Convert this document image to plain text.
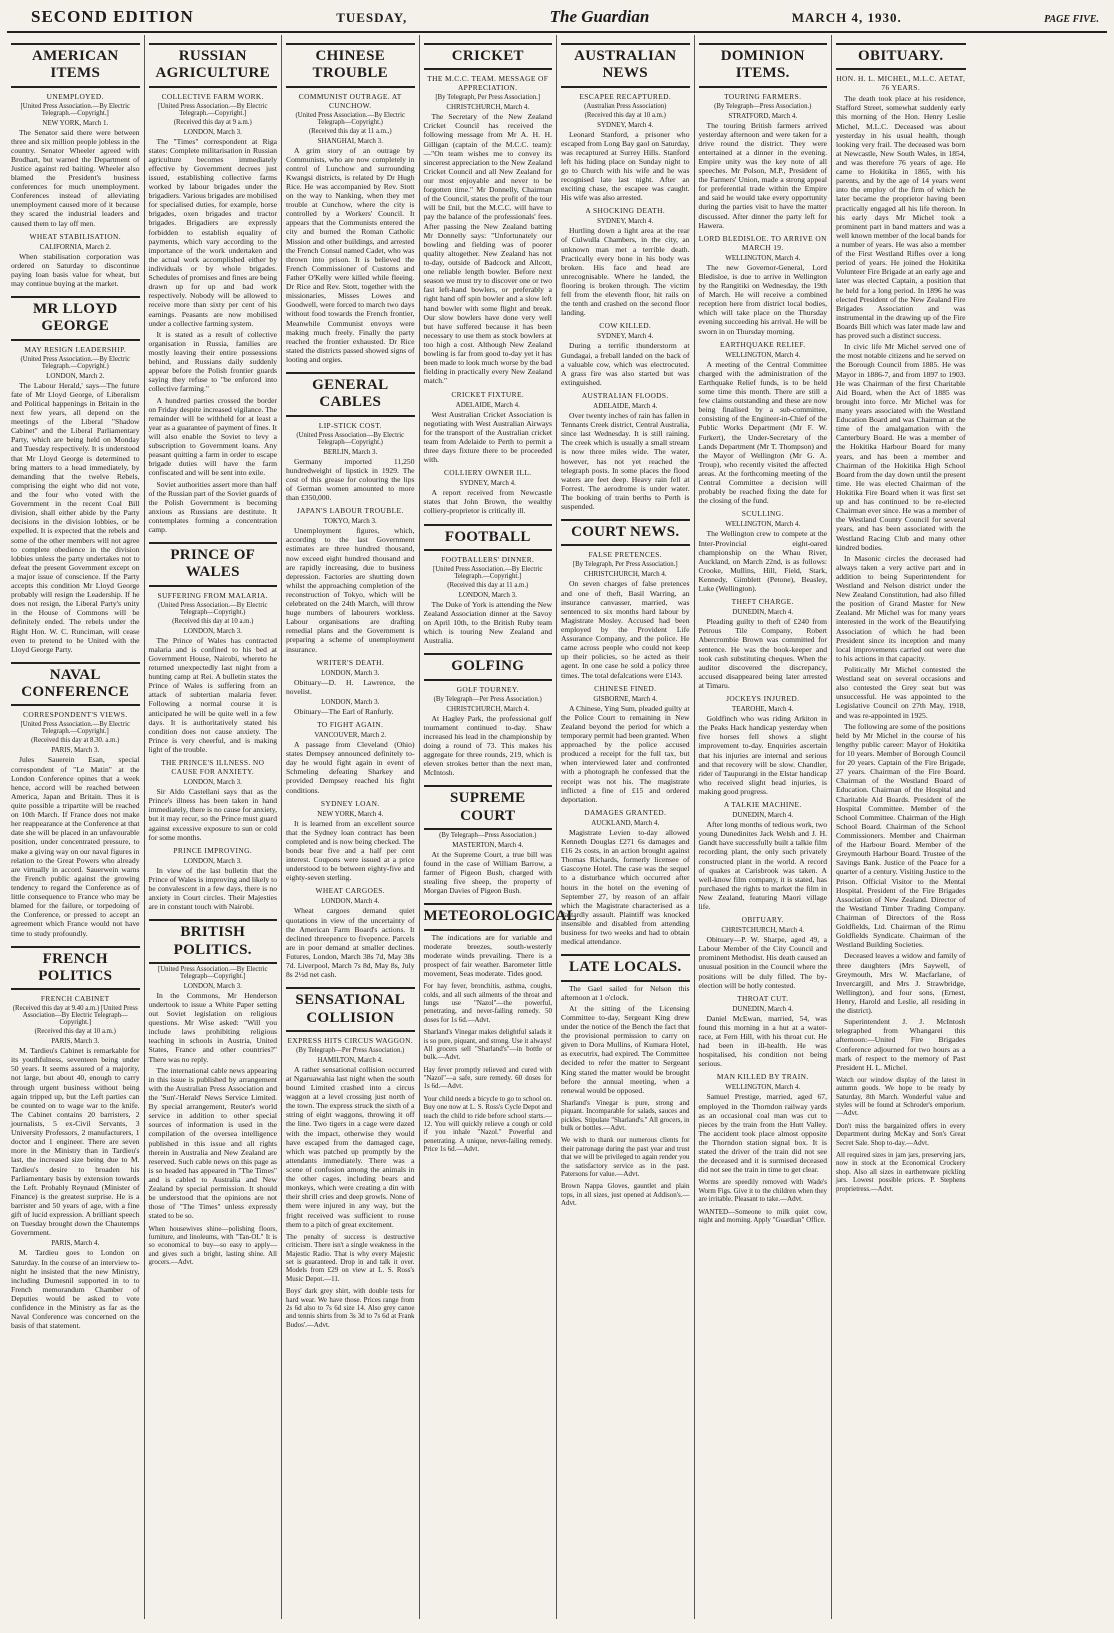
SECOND EDITION	TUESDAY,	The Guardian	MARCH 4, 1930.	PAGE FIVE.
AMERICAN ITEMS
UNEMPLOYED.
[United Press Association.—By Electric Telegraph.—Copyright.]
NEW YORK, March 1.

The Senator said there were between three and six million people jobless in the country. Senator Wheeler agreed with Brodhart, but warned the Department of Justice against red baiting. Wheeler also blamed the President's business conferences for much unemployment. Conferences instead of alleviating unemployment caused more of it because they scared the industrial leaders and caused them to lay off men.

WHEAT STABILISATION.
CALIFORNIA, March 2.

When stabilisation corporation was ordered on Saturday to discontinue paying loan basis value for wheat, but may continue buying at the market.

MR LLOYD GEORGE
MAY RESIGN LEADERSHIP.
(United Press Association.—By Electric Telegraph.—Copyright.)
LONDON, March 2.

The Labour Herald,' says—The future fate of Mr Lloyd George, of Liberalism and Political happenings in Britain in the next few years, all depend on the meetings of the Liberal "Shadow Cabinet" and the Liberal Parliamentary Party, which are being held on Monday and Tuesday respectively. It is understood that Mr Lloyd George is determined to bring matters to a head immediately, by demanding that the twelve Rebels, comprising the eight who did not vote, and the four who voted with the Government in the recent Coal Bill division, shall either abide by the Party decisions in the division lobbies, or be expelled. It is expected that the rebels and some of the other members will not agree to complete obedience in the division lobbies unless the party undertakes not to defeat the present Government except on a major issue of conscience. If the Party accepts this condition Mr Lloyd George probably will resign the Leadership. If he does not resign, the Liberal Party's unity in the House of Commons will be definitely ended. The rebels under the Right Hon. W. C. Runciman, will cease even to pretend to be United with the Lloyd George Party.

NAVAL CONFERENCE
CORRESPONDENT'S VIEWS.
[United Press Association.—By Electric Telegraph.—Copyright.]
(Received this day at 8.30. a.m.)
PARIS, March 3.

Jules Sauerein Esan, special correspondent of "Le Matin" at the London Conference opines that a week hence, accord will be reached between America, Japan and Britain. Thus it is quite possible a tripartite will be reached on 10th March. If France does not make her reappearance at the Conference at that date she will be placed in an unfavourable position, under concentrated pressure, to make a giving way on our naval figures in relation to the Great Powers who already are virtually in accord. Sauerwein warns the French public against the growing tendency to regard the Conference as of little consequence to France who may be blamed for the failure, or torpedoing of the Conference, or pressed to accept an agreement which France would not have time to study profoundly.

FRENCH POLITICS
FRENCH CABINET
(Received this day at 9.40 a.m.) [United Press Association—By Electric Telegraph—Copyright.]
(Received this day at 10 a.m.)
PARIS, March 3.

M. Tardieu's Cabinet is remarkable for its youthfulness, seventeen being under 50 years. It seems assured of a majority, not large, but about 40, enough to carry through urgent business without being again tripped up, but the Left parties can be counted on to wage war to the knife. The Cabinet contains 20 barristers, 2 journalists, 5 ex-Civil Servants, 3 University Professors, 2 manufacturers, 1 doctor and 1 engineer. There are seven more in the Ministry than in Tardieu's last, the increased size being due to M. Tardieu's desire to broaden his Parliamentary basis by extension towards the Left. Probably Reynaud (Minister of Finance) is the greatest surprise. He is a barrister and 50 years of age, with a fine gift of lucid expression. A brilliant speech on Tuesday brought down the Chautemps Government.

PARIS, March 4.

M. Tardieu goes to London on Saturday. In the course of an interview to-night he insisted that the new Ministry, including Dumesnil supported in to to French memorandum Chamber of Deputies would be asked to vote confidence in the Ministry as far as the Naval Conference was concerned on the basis of that statement.

RUSSIAN AGRICULTURE
COLLECTIVE FARM WORK.
[United Press Association.—By Electric Telegraph.—Copyright.]
(Received this day at 9 a.m.)
LONDON, March 3.

The "Times" correspondent at Riga states: Complete militarisation in Russian agriculture becomes immediately effective by Government decrees just issued, establishing collective farms worked by labour brigades under the brigadiers. Various brigades are mobilised for specialised duties, for example, horse brigades, oxen brigades and tractor brigades. Brigadiers are expressly forbidden to establish equality of payments, which vary according to the importance of the work undertaken and the actual work accomplished either by individuals or by whole brigades. Schedules of promises and fines are being drawn up for up and bad work respectively. Nobody will be allowed to receive more than sixty per cent of his earnings. Peasants are now mobilised under a collective farming system.

It is stated as a result of collective organisation in Russia, families are mostly leaving their entire possessions behind, and Russians daily suddenly appear before the Polish frontier guards saying they refuse to "be enforced into collective farming."

A hundred parties crossed the border on Friday despite increased vigilance. The remainder will be withheld for at least a year as a guarantee of payment of fines. It will also enable the Soviet to levy a subscription to Government loans. Any peasant quitting a farm in order to escape brigade duties will have the farm confiscated and will be sent into exile.

Soviet authorities assert more than half of the Russian part of the Soviet guards of the Polish Government is becoming anxious as Russians are destitute. It contemplates forming a concentration camp.

PRINCE OF WALES
SUFFERING FROM MALARIA.
(United Press Association.—By Electric Telegraph—Copyright.)
(Received this day at 10 a.m.)
LONDON, March 3.

The Prince of Wales has contracted malaria and is confined to his bed at Government House, Nairobi, whereto he returned unexpectedly last night from a hunting camp at Rei. A bulletin states the Prince of Wales is suffering from an attack of subtertian malaria fever. Following a normal course it is anticipated he will be quite well in a few days. It is authoritatively stated his condition does not cause anxiety. The Prince is very cheerful, and is making light of the trouble.

THE PRINCE'S ILLNESS. NO CAUSE FOR ANXIETY.
LONDON, March 3.

Sir Aldo Castellani says that as the Prince's illness has been taken in hand immediately, there is no cause for anxiety, but it may recur, so the Prince must guard against excessive exposure to sun or cold for some months.

PRINCE IMPROVING.
LONDON, March 3.

In view of the last bulletin that the Prince of Wales is improving and likely to be convalescent in a few days, there is no anxiety in Court circles. Their Majesties are in constant touch with Nairobi.

BRITISH POLITICS.
[United Press Association.—By Electric Telegraph—Copyright.]
LONDON, March 3.

In the Commons, Mr Henderson undertook to issue a White Paper setting out Soviet legislation on religious questions. Mr Wise asked: "Will you include laws prohibiting religious teaching in schools in Austria, United States, France and other countries?" There was no reply.

The international cable news appearing in this issue is published by arrangement with the Australian Press Association and the 'Sun'-'Herald' News Service Limited. By special arrangement, Reuter's world service in addition to other special sources of information is used in the compilation of the oversea intelligence published in this issue and all rights therein in Australia and New Zealand are reserved. Such cable news on this page as is so headed has appeared in "The Times" and is cabled to Australia and New Zealand by special permission. It should be understood that the opinions are not those of "The Times" unless expressly stated to be so.

When housewives shine—polishing floors, furniture, and linoleums, with "Tan-OL" It is so economical to buy—so easy to apply—and gives such a bright, lasting shine. All grocers.—Advt.

CHINESE TROUBLE
COMMUNIST OUTRAGE. AT CUNCHOW.
(United Press Association.—By Electric Telegraph—Copyright.)
(Received this day at 11 a.m.,)
SHANGHAI, March 3.

A grim story of an outrage by Communists, who are now completely in control of Lunchow and surrounding Kwangsi districts, is related by Dr Hugh Rice. He was accompanied by Rev. Stott on the way to Nanking, when they met trouble at Cunchow, where the city is controlled by a Workers' Council. It appears that the Communists entered the city and burned the Roman Catholic Mission and other buildings, and arrested the French Consul named Cadet, who was thrown into prison. It is believed the French Commissioner of Customs and Father O'Kelly were killed while fleeing. Dr Rice and Rev. Stott, together with the missionaries, Misses Lowes and Goodwell, were forced to march two days without food towards the French frontier, Meanwhile Communist envoys were making much freely. Finally the party reached the frontier exhausted. Dr Rice stated the districts passed showed signs of looting and orgies.

GENERAL CABLES
LIP-STICK COST.
(United Press Association—By Electric Telegraph—Copyright.)
BERLIN, March 3.

Germany imported 11,250 hundredweight of lipstick in 1929. The cost of this grease for colouring the lips of German women amounted to more than £350,000.

JAPAN'S LABOUR TROUBLE.
TOKYO, March 3.

Unemployment figures, which, according to the last Government estimates are three hundred thousand, now exceed eight hundred thousand and are rapidly increasing, due to business depression. Factories are shutting down whilst the approaching completion of the reconstruction of Tokyo, which will be celebrated on the 24th March, will throw huge numbers of labourers workless. Labour organisations are drafting remedial plans and the Government is preparing a scheme of unemployment insurance.

WRITER'S DEATH.
LONDON, March 3.

Obituary—D. H. Lawrence, the novelist.

LONDON, March 3.

Obituary—The Earl of Ranfurly.

TO FIGHT AGAIN.
VANCOUVER, March 2.

A passage from Cleveland (Ohio) states Dempsey announced definitely to-day he would fight again in event of Schmeling defeating Sharkey and provided Dempsey reached his fight conditions.

SYDNEY LOAN.
NEW YORK, March 4.

It is learned from an excellent source that the Sydney loan contract has been completed and is now being checked. The bonds bear five and a half per cent interest. Coupons were issued at a price understood to be between eighty-five and eighty-seven sterling.

WHEAT CARGOES.
LONDON, March 4.

Wheat cargoes demand quiet quotations in view of the uncertainty of the American Farm Board's actions. It declined threepence to fivepence. Parcels are in poor demand at smaller declines. Futures, London, March 38s 7d, May 38s 7d. Liverpool, March 7s 8d, May 8s, July 8s 2½d net cash.

SENSATIONAL COLLISION
EXPRESS HITS CIRCUS WAGGON.
(By Telegraph—Per Press Association.)
HAMILTON, March 4.

A rather sensational collision occurred at Ngaruawahia last night when the south bound Limited crashed into a circus waggon at a level crossing just north of the town. The express struck the sixth of a string of eight waggons, throwing it off the line. Two tigers in a cage were dazed with the impact, otherwise they would have escaped from the damaged cage, which was patched up promptly by the attendants immediately. There was a scene of confusion among the animals in the other cages, including bears and monkeys, which were creating a din with their shrill cries and deep growls. None of them were injured in any way, but the fright received was sufficient to rouse them to a pitch of great excitement.

The penalty of success is destructive criticism. There isn't a single weakness in the Majestic Radio. That is why every Majestic set is guaranteed. Drop in and talk it over. Models from £29 on view at L. S. Ross's Music Depot.—11.

Boys' dark grey shirt, with double tests for hard wear. We have those. Prices range from 2s 6d also to 7s 6d size 14. Also grey canoe and tennis shirts from 3s 3d to 7s 6d at Frank Budos'.—Advt.

CRICKET
THE M.C.C. TEAM. MESSAGE OF APPRECIATION.
[By Telegraph, Per Press Association.]
CHRISTCHURCH, March 4.

The Secretary of the New Zealand Cricket Council has received the following message from Mr A. H. H. Gilligan (captain of the M.C.C. team):—"On team wishes me to convey its sincerest appreciation to the New Zealand Cricket Council and all New Zealand for our most enjoyable and never to be forgotten time." Mr Donnelly, Chairman of the Council, states the profit of the tour will be £nil, but the M.C.C. will have to pay the balance of the professionals' fees. After passing the New Zealand batting Mr Donnelly says: "Unfortunately our bowling and fielding was of poorer quality altogether. New Zealand has not to-day, outside of Badcock and Allcott, one reliable length bowler. Before next season we must try to discover one or two fast left-hand bowlers, or preferably a right hand off spin bowler and a slow left hand bowler with some flight and break. Our slow bowlers have done very well but have suffered because it has been necessary to use them as stock bowlers at too high a cost. Although New Zealand bowling is far from good to-day yet it has been made to look much worse by the bad fielding in practically every New Zealand match."

CRICKET FIXTURE.
ADELAIDE, March 4.

West Australian Cricket Association is negotiating with West Australian Airways for the transport of the Australian cricket team from Adelaide to Perth to permit a three days fixture there to be proceeded with.

COLLIERY OWNER ILL.
SYDNEY, March 4.

A report received from Newcastle states that John Brown, the wealthy colliery-proprietor is critically ill.

FOOTBALL
FOOTBALLERS' DINNER.
[United Press Association.—By Electric Telegraph.—Copyright.]
(Received this day at 11 a.m.)
LONDON, March 3.

The Duke of York is attending the New Zealand Association dinner at the Savoy on April 10th, to the British Ruby team which is touring New Zealand and Australia.

GOLFING
GOLF TOURNEY.
(By Telegraph—Per Press Association.)
CHRISTCHURCH, March 4.

At Hagley Park, the professional golf tournament continued to-day. Shaw increased his lead in the championship by doing a round of 73. This makes his aggregate for three rounds, 219, which is eleven strokes better than the next man, McIntosh.

SUPREME COURT
(By Telegraph—Press Association.)
MASTERTON, March 4.

At the Supreme Court, a true bill was found in the case of William Barrow, a farmer of Pigeon Bush, charged with stealing five sheep, the property of Morgan Davies of Pigeon Bush.

METEOROLOGICAL

The indications are for variable and moderate breezes, south-westerly moderate winds prevailing. There is a prospect of fair weather. Barometer little movement, Seas moderate. Tides good.

For hay fever, bronchitis, asthma, coughs, colds, and all such ailments of the throat and lungs use "Nazol"—the powerful, penetrating, and never-failing remedy. 50 doses for 1s 6d.—Advt.

Sharland's Vinegar makes delightful salads it is so pure, piquant, and strong. Use it always! All grocers sell "Sharland's"—in bottle or bulk.—Advt.

Hay fever promptly relieved and cured with "Nazol"—a safe, sure remedy. 60 doses for 1s 6d.—Advt.

Your child needs a bicycle to go to school on. Buy one now at L. S. Ross's Cycle Depot and teach the child to ride before school starts.—12. You will quickly relieve a cough or cold if you inhale "Nazol." Powerful and penetrating. A unique, never-failing remedy. Price 1s 6d.—Advt.

AUSTRALIAN NEWS
ESCAPEE RECAPTURED.
(Australian Press Association)
(Received this day at 10 a.m.)
SYDNEY, March 4.

Leonard Stanford, a prisoner who escaped from Long Bay gaol on Saturday, was recaptured at Surrey Hills. Stanford left his hiding place on Sunday night to go to Church with his wife and he was recognised late last night. After an exciting chase, the escapee was caught. His wife was also arrested.

A SHOCKING DEATH.
SYDNEY, March 4.

Hurtling down a light area at the rear of Culwulla Chambers, in the city, an unknown man met a terrible death. Practically every bone in his body was broken. His face and head are unrecognisable. Where he landed, the flooring is broken through. The victim fell from the eleventh floor, hit rails on the tenth and crashed on the second floor landing.

COW KILLED.
SYDNEY, March 4.

During a terrific thunderstorm at Gundagai, a freball landed on the back of a valuable cow, which was electrocuted. A grass fire was also started but was extinguished.

AUSTRALIAN FLOODS.
ADELAIDE, March 4.

Over twenty inches of rain has fallen in Tennants Creek district, Central Australia, since last Wednesday. It is still raining. The creek which is usually a small stream is now three miles wide. The water, however, has not yet reached the telegraph posts. In some places the flood waters are feet deep. Heavy rain fell at Forrest. The aerodrome is under water. The booking of train berths to Perth is suspended.

COURT NEWS.
FALSE PRETENCES.
[By Telegraph, Per Press Association.]
CHRISTCHURCH, March 4.

On seven charges of false pretences and one of theft, Basil Warring, an insurance canvasser, married, was sentenced to six months hard labour by Magistrate Mosley. Accused had been employed by the Provident Life Assurance Company, and the police. He came across people who could not keep up their policies, so he acted as their agent. In one case he sold a policy three times. The total defalcations were £143.

CHINESE FINED.
GISBORNE, March 4.

A Chinese, Ying Sum, pleaded guilty at the Police Court to remaining in New Zealand beyond the period for which a temporary permit had been granted. When approached by the police accused produced a receipt for the full tax, but when interviewed later and confronted with a photograph he confessed that the receipt was not his. The magistrate inflicted a fine of £15 and ordered deportation.

DAMAGES GRANTED.
AUCKLAND, March 4.

Magistrate Levien to-day allowed Kenneth Douglas £271 6s damages and £16 2s costs, in an action brought against Thomas Richards, formerly licensee of Gascoyne Hotel. The case was the sequel to a disturbance which occurred after hours in the hotel on the evening of September 27, by reason of an affair which the Magistrate characterised as a dastardly assault. Plaintiff was knocked insensible and disabled from attending business for two weeks and had to obtain medical attendance.

LATE LOCALS.

The Gael sailed for Nelson this afternoon at 1 o'clock.

At the sitting of the Licensing Committee to-day, Sergeant King drew under the notice of the Bench the fact that the provisional permission to carry on given to Dora Mullins, of Kumara Hotel, as executrix, had expired. The Committee decided to refer the matter to Sergeant King stated the matter would be brought before the annual meeting, when a renewal would be opposed.

Sharland's Vinegar is pure, strong and piquant. Incomparable for salads, sauces and pickles. Stipulate "Sharland's." All grocers, in bulk or bottles.—Advt.

We wish to thank our numerous clients for their patronage during the past year and trust that we will be privileged to again render you the satisfactory service as in the past. Patersons for value.—Advt.

Brown Nappa Gloves, gauntlet and plain tops, in all sizes, just opened at Addison's.—Advt.

DOMINION ITEMS.
TOURING FARMERS.
(By Telegraph—Press Association.)
STRATFORD, March 4.

The touring British farmers arrived yesterday afternoon and were taken for a drive round the district. They were entertained at a dinner in the evening. Empire unity was the key note of all speeches. Mr Polson, M.P., President of the Farmers' Union, made a strong appeal for preferential trade within the Empire and said he would take every opportunity during the parties visit to have the matter discussed. After dinner the party left for Hawera.

LORD BLEDISLOE. TO ARRIVE ON MARCH 19.
WELLINGTON, March 4.

The new Governor-General, Lord Bledisloe, is due to arrive in Wellington by the Rangitiki on Wednesday, the 19th of March. He will receive a combined reception here from district local bodies, which will take place on the Thursday evening succeeding his arrival. He will be sworn in on Thursday morning.

EARTHQUAKE RELIEF.
WELLINGTON, March 4.

A meeting of the Central Committee charged with the administration of the Earthquake Relief funds, is to be held some time this month. There are still a few claims outstanding and these are now being finalised by a sub-committee, consisting of the Engineer-in-Chief of the Public Works Department (Mr F. W. Furkert), the Under-Secretary of the Lands Department (Mr T. Thompson) and the Mayor of Wellington (Mr G. A. Troup), who recently visited the affected areas. At the forthcoming meeting of the Central Committee a decision will probably be reached fixing the date for the closing of the fund.

SCULLING.
WELLINGTON, March 4.

The Wellington crew to compete at the Inter-Provincial eight-oared championship on the Whau River, Auckland, on March 22nd, is as follows: Crooke, Mullins, Hill, Field, Stark, Kennedy, Gimblett (Petone), Beasley, Luke (Wellington).

THEFT CHARGE.
DUNEDIN, March 4.

Pleading guilty to theft of £240 from Petrous Tile Company, Robert Abercrombie Brown was committed for sentence. He was the book-keeper and took cash substituting cheques. When the auditor discovered the discrepancy, accused disappeared being later arrested at Timaru.

JOCKEYS INJURED.
TEAROHE, March 4.

Goldfinch who was riding Arkiton in the Peaks Hack handicap yesterday when five horses fell shows a slight improvement to-day. Enquiries ascertain that his injuries are internal and serious and that recovery will be slow. Chandler, rider of Taupurangi in the Elstar handicap who received slight head injuries, is making good progress.

A TALKIE MACHINE.
DUNEDIN, March 4.

After long months of tedious work, two young Dunedinites Jack Welsh and J. H. Gandt have successfully built a talkie film recording plant, the only such privately constructed plant in the world. A record of quakes at Carisbrook was taken. A well-know film company, it is stated, has purchased the rights to market the film in New Zealand, featuring Maori village life.

OBITUARY.
CHRISTCHURCH, March 4.

Obituary—P. W. Sharpe, aged 49, a Labour Member of the City Council and prominent Methodist. His death caused an unusual position in the Council where the positions will be duly filled. The by-election will be hotly contested.

THROAT CUT.
DUNEDIN, March 4.

Daniel McEwan, married, 54, was found this morning in a hut at a water-race, at Fern Hill, with his throat cut. He had been in ill-health. He was hospitalised, his condition not being serious.

MAN KILLED BY TRAIN.
WELLINGTON, March 4.

Samuel Prestige, married, aged 67, employed in the Thorndon railway yards as an occasional coal man was cut to pieces by the train from the Hutt Valley. The accident took place almost opposite the Thorndon station signal box. It is stated the driver of the train did not see the deceased and it is surmised deceased did not see the train in time to get clear.

Worms are speedily removed with Wade's Worm Figs. Give it to the children when they are irritable. Pleasant to take.—Advt.

WANTED—Someone to milk quiet cow, night and morning. Apply "Guardian" Office.

OBITUARY.
HON. H. L. MICHEL, M.L.C. AETAT, 76 YEARS.

The death took place at his residence, Stafford Street, somewhat suddenly early this morning of the Hon. Henry Leslie Michel, M.L.C. Deceased was about yesterday in his usual health, though looking very frail. The deceased was born at Newcastle, New South Wales, in 1854, and was therefore 76 years of age. He came to Hokitika in 1865, with his parents, and by the age of 14 years went into the employ of the firm of which he later became the proprietor having been practically engaged all his life thereon. In his early days Mr Michel took a prominent part in band matters and was a well known member of the local bands for a number of years. He was also a member of the First Westland Rifles over a long period of years. He joined the Hokitika Volunteer Fire Brigade at an early age and later was elected Captain, a position that he held for a long period. In 1896 he was elected President of the New Zealand Fire Brigades Association and was instrumental in the drawing up of the Fire Boards Bill which was later made law and has proved such a distinct success.

In civic life Mr Michel served one of the most notable citizens and he served on the Borough Council from 1885. He was Mayor in 1886-7, and from 1897 to 1903. He was Chairman of the first Charitable Aid Board, when the Act of 1885 was brought into force. Mr Michel was for many years associated with the Westland Education Board and was Chairman at the time of the amalgamation with the Canterbury Board. He was a member of the Hokitika Harbour Board for many years, and has been a member and Chairman of the Hokitika High School Board from the day down until the present time. He was elected Chairman of the Hokitika Fire Board when it was first set up and has continued to be re-elected Chairman ever since. He was a member of the Westland County Council for several years, and has been associated with the Westland Racing Club and many other kindred bodies.

In Masonic circles the deceased had always taken a very active part and in addition to being Superintendent for Westland and Nelson district under the New Zealand Constitution, had also filled the position of Grand Master for New Zealand. Mr Michel was for many years interested in the work of the Beautifying Association of which he had been President since its inception and many local improvements carried out were due to his actions in that capacity.

Politically Mr Michel contested the Westland seat on several occasions and also contested the Grey seat but was unsuccessful. He was appointed to the Legislative Council on 27th May, 1918, and was re-appointed in 1925.

The following are some of the positions held by Mr Michel in the course of his lengthy public career: Mayor of Hokitika for 10 years. Member of Borough Council for 20 years. Captain of the Fire Brigade, 27 years. Chairman of the Fire Board. Chairman of the Westland Board of Education. Chairman of the Hospital and Charitable Aid Boards. President of the Hospital Committee. Member of the School Committee. Chairman of the High School Board. Chairman of the School Commissioners. Member and Chairman of the Harbour Board. Member of the Greymouth Harbour Board. Trustee of the Savings Bank. Justice of the Peace for a quarter of a century. Visiting Justice to the Prison. Official Visitor to the Mental Hospital. President of the Fire Brigades Association of New Zealand. Director of the Westland Timber Trading Company. Chairman of Directors of the Ross Goldfields, Ltd. Chairman of the Rimu Goldfields Syndicate. Chairman of the Westland Building Societies.

Deceased leaves a widow and family of three daughters (Mrs Saywell, of Greymouth, Mrs W. Macfarlane, of Invercargill, and Mrs J. Strawbridge, Wellington), and four sons, (Ernest, Henry, Harold and Leslie, all residing in the district).

Superintendent J. J. McIntosh telegraphed from Whangarei this afternoon:—United Fire Brigades Conference adjourned for two hours as a mark of respect to the memory of Past President H. L. Michel.

Watch our window display of the latest in autumn goods. We hope to be ready by Saturday, 8th March. Wonderful value and styles will be found at Schroder's emporium.—Advt.

Don't miss the bargainized offers in every Department during McKay and Son's Great Secret Sale. Shop to-day.—Advt.

All required sizes in jam jars, preserving jars, now in stock at the Economical Crockery shop. Also all sizes in earthenware pickling jars. Lowest possible prices. P. Stephens proprietress.—Advt.
